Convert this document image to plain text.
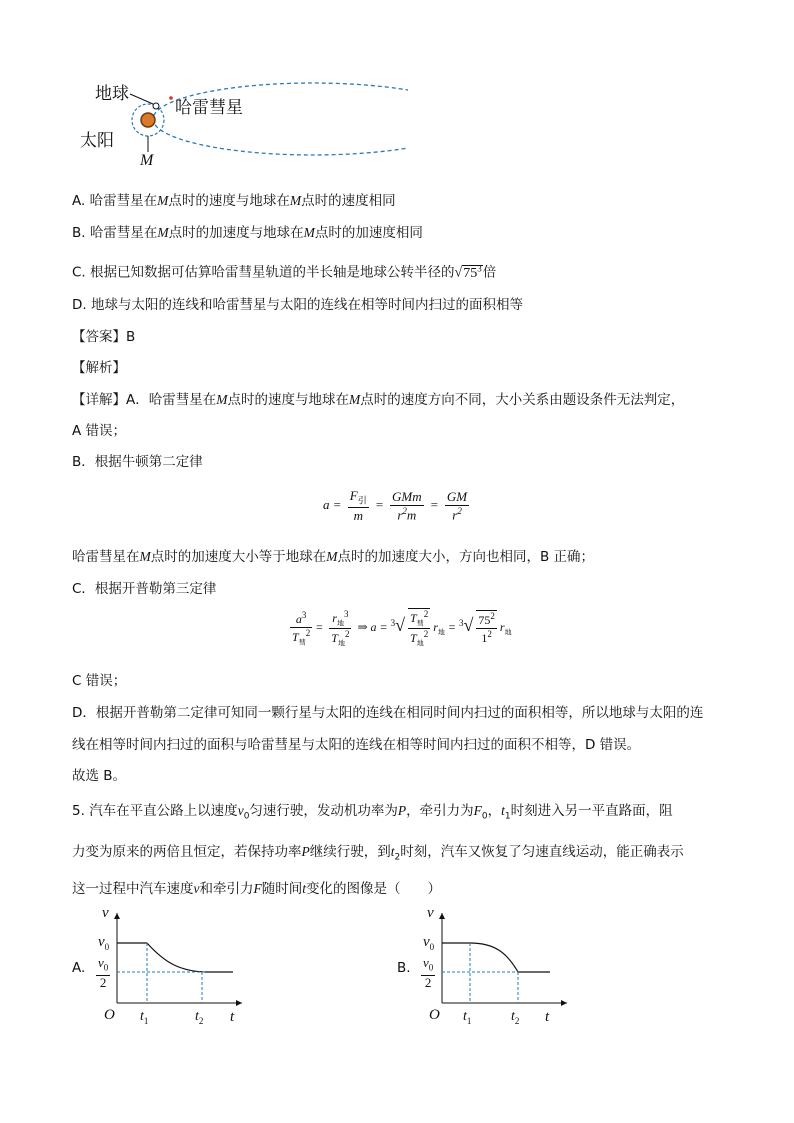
地球
太阳
哈雷彗星
M
A. 哈雷彗星在M点时的速度与地球在M点时的速度相同
B. 哈雷彗星在M点时的加速度与地球在M点时的加速度相同
C. 根据已知数据可估算哈雷彗星轨道的半长轴是地球公转半径的$√75^3$倍
D. 地球与太阳的连线和哈雷彗星与太阳的连线在相等时间内扫过的面积相等
【答案】B
【解析】
【详解】A．哈雷彗星在M点时的速度与地球在M点时的速度方向不同，大小关系由题设条件无法判定，
A 错误；
B．根据牛顿第二定律
$a = \frac{F_引}{m} = \frac{\text{GMm}}{r^2m} = \frac{GM}{r^2}$
哈雷彗星在M点时的加速度大小等于地球在M点时的加速度大小，方向也相同，B 正确；
C．根据开普勒第三定律
$\frac{a^3}{T_彗^2} = \frac{r_地^3}{T_地^2}$ ⇒ $a = ^3√ \frac{T_彗^2}{T_地^2} r_地 = ^3√ \frac{75^2}{1^2} r_地$
C 错误；
D．根据开普勒第二定律可知同一颗行星与太阳的连线在相同时间内扫过的面积相等，所以地球与太阳的连
线在相等时间内扫过的面积与哈雷彗星与太阳的连线在相等时间内扫过的面积不相等，D 错误。
故选 B。
5. 汽车在平直公路上以速度$v_0$匀速行驶，发动机功率为P，牵引力为$F_0$，$t_1$时刻进入另一平直路面，阻
力变为原来的两倍且恒定，若保持功率P继续行驶，到$t_2$时刻，汽车又恢复了匀速直线运动，能正确表示
这一过程中汽车速度v和牵引力F随时间t变化的图像是（　　）
A.
v
$v_0$
$\frac{v_0}{2}$
O $t_1$	$t_2$ t
B.
v
$v_0$
$\frac{v_0}{2}$
O $t_1$	$t_2$ t
